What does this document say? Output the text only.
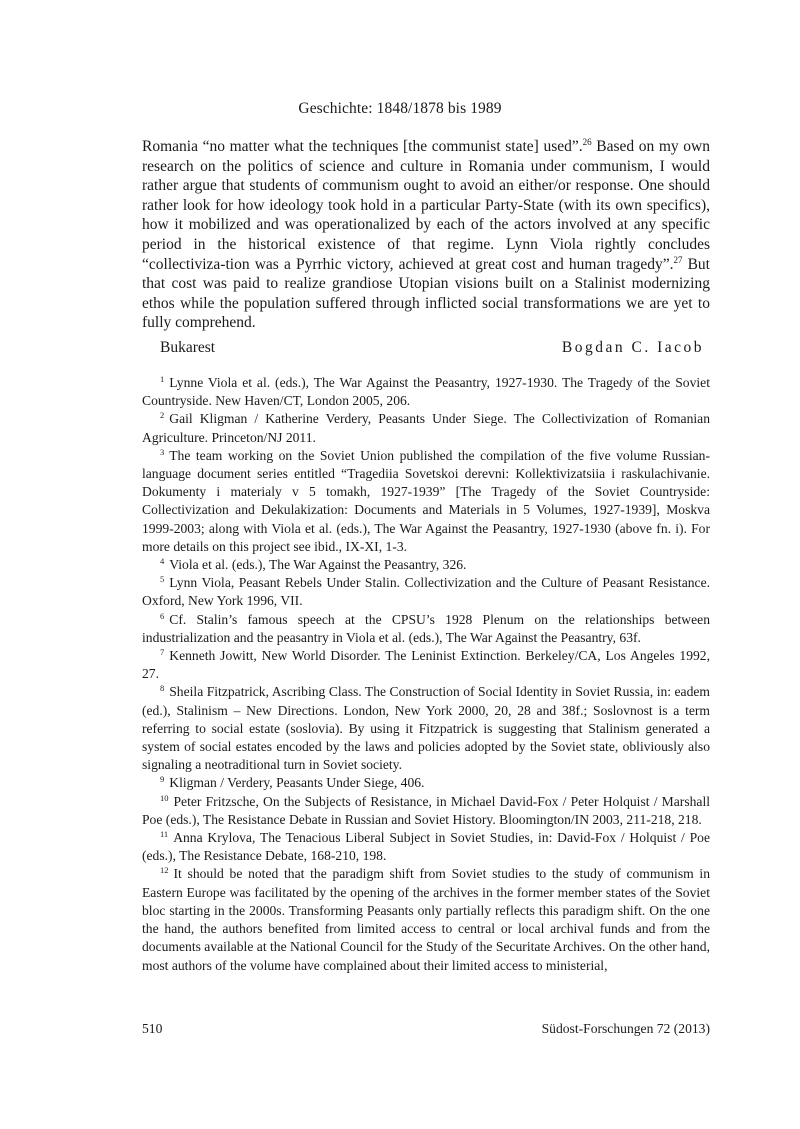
Geschichte: 1848/1878 bis 1989

Romania “no matter what the techniques [the communist state] used”.$^{26}$ Based on my own research on the politics of science and culture in Romania under communism, I would rather argue that students of communism ought to avoid an either/or response. One should rather look for how ideology took hold in a particular Party-State (with its own specifics), how it mobilized and was operationalized by each of the actors involved at any specific period in the historical existence of that regime. Lynn Viola rightly concludes “collectiviza-tion was a Pyrrhic victory, achieved at great cost and human tragedy”.$^{27}$ But that cost was paid to realize grandiose Utopian visions built on a Stalinist modernizing ethos while the population suffered through inflicted social transformations we are yet to fully comprehend.

Bukarest	Bogdan C. Iacob

$^1$ Lynne Viola et al. (eds.), The War Against the Peasantry, 1927-1930. The Tragedy of the Soviet Countryside. New Haven/CT, London 2005, 206.

$^2$ Gail Kligman / Katherine Verdery, Peasants Under Siege. The Collectivization of Romanian Agriculture. Princeton/NJ 2011.

$^3$ The team working on the Soviet Union published the compilation of the five volume Russian-language document series entitled “Tragediia Sovetskoi derevni: Kollektivizatsiia i raskulachivanie. Dokumenty i materialy v 5 tomakh, 1927-1939” [The Tragedy of the Soviet Countryside: Collectivization and Dekulakization: Documents and Materials in 5 Volumes, 1927-1939], Moskva 1999-2003; along with Viola et al. (eds.), The War Against the Peasantry, 1927-1930 (above fn. i). For more details on this project see ibid., IX-XI, 1-3.

$^4$ Viola et al. (eds.), The War Against the Peasantry, 326.

$^5$ Lynn Viola, Peasant Rebels Under Stalin. Collectivization and the Culture of Peasant Resistance. Oxford, New York 1996, VII.

$^6$ Cf. Stalin’s famous speech at the CPSU’s 1928 Plenum on the relationships between industrialization and the peasantry in Viola et al. (eds.), The War Against the Peasantry, 63f.

$^7$ Kenneth Jowitt, New World Disorder. The Leninist Extinction. Berkeley/CA, Los Angeles 1992, 27.

$^8$ Sheila Fitzpatrick, Ascribing Class. The Construction of Social Identity in Soviet Russia, in: eadem (ed.), Stalinism – New Directions. London, New York 2000, 20, 28 and 38f.; Soslovnost is a term referring to social estate (soslovia). By using it Fitzpatrick is suggesting that Stalinism generated a system of social estates encoded by the laws and policies adopted by the Soviet state, obliviously also signaling a neotraditional turn in Soviet society.

$^9$ Kligman / Verdery, Peasants Under Siege, 406.

$^{10}$ Peter Fritzsche, On the Subjects of Resistance, in Michael David-Fox / Peter Holquist / Marshall Poe (eds.), The Resistance Debate in Russian and Soviet History. Bloomington/IN 2003, 211-218, 218.

$^{11}$ Anna Krylova, The Tenacious Liberal Subject in Soviet Studies, in: David-Fox / Holquist / Poe (eds.), The Resistance Debate, 168-210, 198.

$^{12}$ It should be noted that the paradigm shift from Soviet studies to the study of communism in Eastern Europe was facilitated by the opening of the archives in the former member states of the Soviet bloc starting in the 2000s. Transforming Peasants only partially reflects this paradigm shift. On the one the hand, the authors benefited from limited access to central or local archival funds and from the documents available at the National Council for the Study of the Securitate Archives. On the other hand, most authors of the volume have complained about their limited access to ministerial,

510	Südost-Forschungen 72 (2013)
